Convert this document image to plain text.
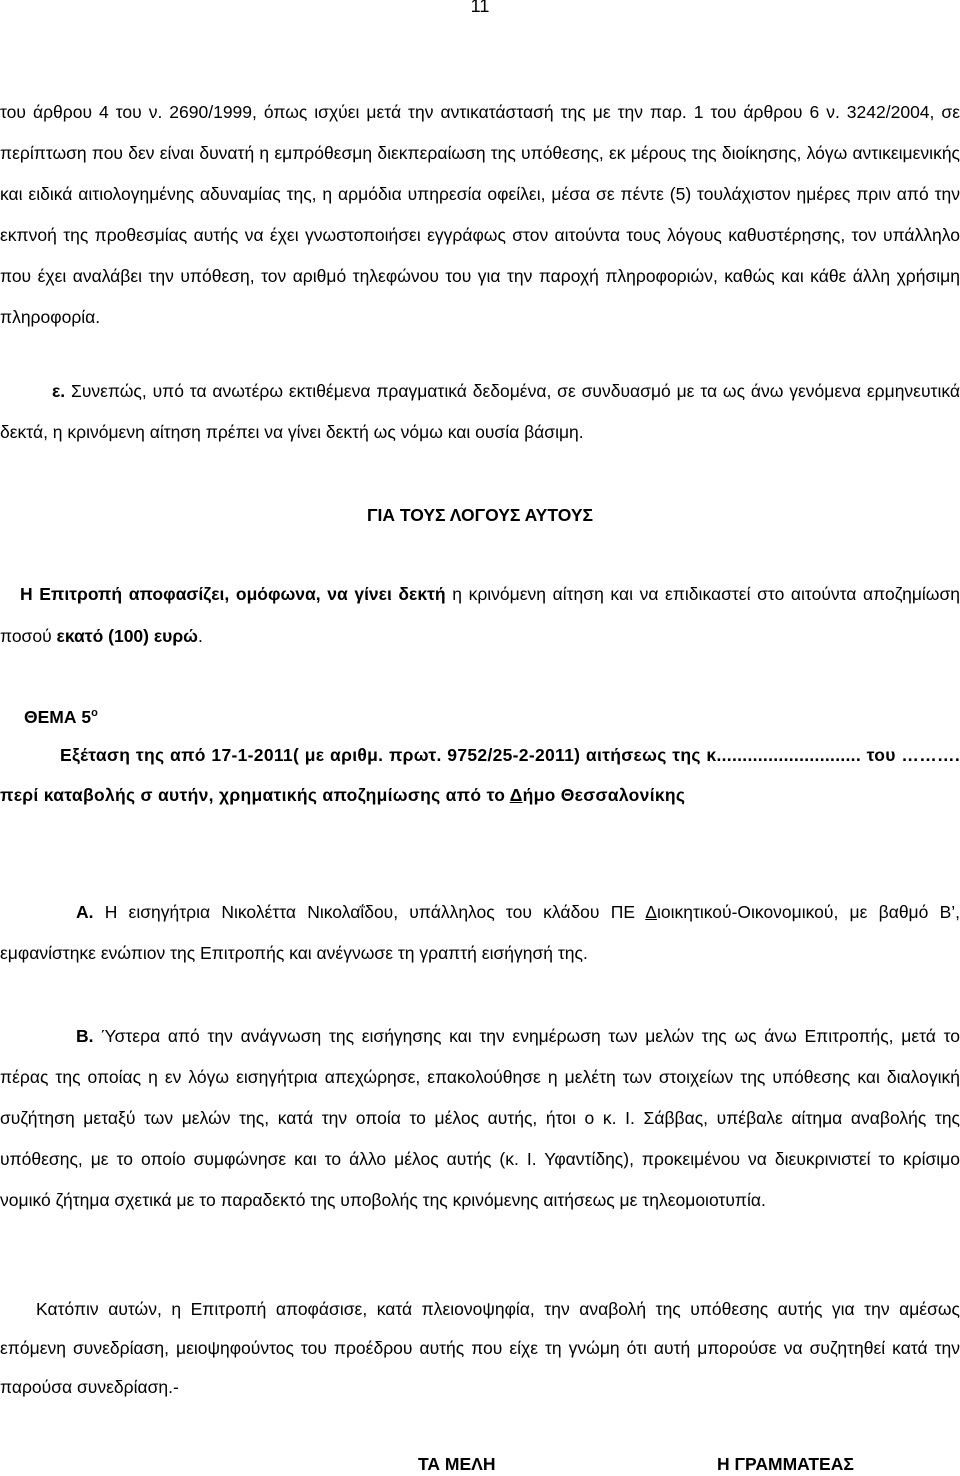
11
του άρθρου 4 του ν. 2690/1999, όπως ισχύει μετά την αντικατάστασή της με την παρ. 1 του άρθρου 6 ν. 3242/2004, σε περίπτωση που δεν είναι δυνατή η εμπρόθεσμη διεκπεραίωση της υπόθεσης, εκ μέρους της διοίκησης, λόγω αντικειμενικής και ειδικά αιτιολογημένης αδυναμίας της, η αρμόδια υπηρεσία οφείλει, μέσα σε πέντε (5) τουλάχιστον ημέρες πριν από την εκπνοή της προθεσμίας αυτής να έχει γνωστοποιήσει εγγράφως στον αιτούντα τους λόγους καθυστέρησης, τον υπάλληλο που έχει αναλάβει την υπόθεση, τον αριθμό τηλεφώνου του για την παροχή πληροφοριών, καθώς και κάθε άλλη χρήσιμη πληροφορία.
ε. Συνεπώς, υπό τα ανωτέρω εκτιθέμενα πραγματικά δεδομένα, σε συνδυασμό με τα ως άνω γενόμενα ερμηνευτικά δεκτά, η κρινόμενη αίτηση πρέπει να γίνει δεκτή ως νόμω και ουσία βάσιμη.
ΓΙΑ ΤΟΥΣ ΛΟΓΟΥΣ ΑΥΤΟΥΣ
Η Επιτροπή αποφασίζει, ομόφωνα, να γίνει δεκτή η κρινόμενη αίτηση και να επιδικαστεί στο αιτούντα αποζημίωση ποσού εκατό (100) ευρώ.
ΘΕΜΑ $5^o$
Εξέταση της από 17-1-2011( με αριθμ. πρωτ. 9752/25-2-2011) αιτήσεως της κ............................ του ………. περί καταβολής σ αυτήν, χρηματικής αποζημίωσης από το Δήμο Θεσσαλονίκης
Α. Η εισηγήτρια Νικολέττα Νικολαΐδου, υπάλληλος του κλάδου ΠΕ Διοικητικού-Οικονομικού, με βαθμό Β’, εμφανίστηκε ενώπιον της Επιτροπής και ανέγνωσε τη γραπτή εισήγησή της.
Β. Ύστερα από την ανάγνωση της εισήγησης και την ενημέρωση των μελών της ως άνω Επιτροπής, μετά το πέρας της οποίας η εν λόγω εισηγήτρια απεχώρησε, επακολούθησε η μελέτη των στοιχείων της υπόθεσης και διαλογική συζήτηση μεταξύ των μελών της, κατά την οποία το μέλος αυτής, ήτοι ο κ. Ι. Σάββας, υπέβαλε αίτημα αναβολής της υπόθεσης, με το οποίο συμφώνησε και το άλλο μέλος αυτής (κ. Ι. Υφαντίδης), προκειμένου να διευκρινιστεί το κρίσιμο νομικό ζήτημα σχετικά με το παραδεκτό της υποβολής της κρινόμενης αιτήσεως με τηλεομοιοτυπία.
Κατόπιν αυτών, η Επιτροπή αποφάσισε, κατά πλειονοψηφία, την αναβολή της υπόθεσης αυτής για την αμέσως επόμενη συνεδρίαση, μειοψηφούντος του προέδρου αυτής που είχε τη γνώμη ότι αυτή μπορούσε να συζητηθεί κατά την παρούσα συνεδρίαση.-
ΤΑ ΜΕΛΗ	Η ΓΡΑΜΜΑΤΕΑΣ
